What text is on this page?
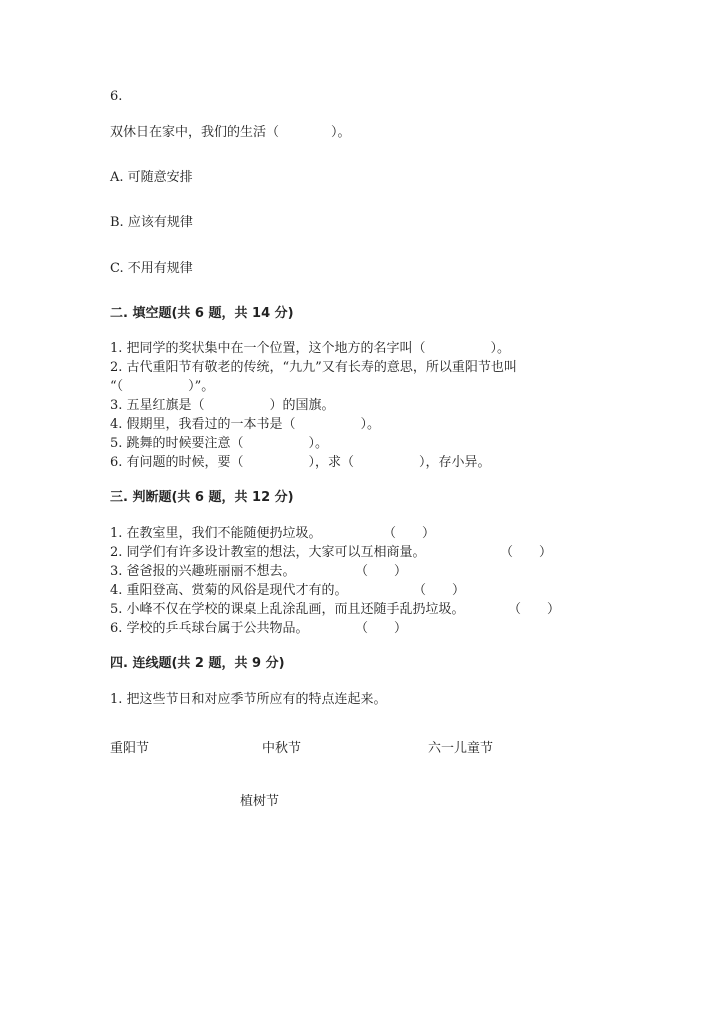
6.
双休日在家中，我们的生活（　　　　）。
A. 可随意安排
B. 应该有规律
C. 不用有规律
二. 填空题(共 6 题，共 14 分)
1. 把同学的奖状集中在一个位置，这个地方的名字叫（　　　　　）。
2. 古代重阳节有敬老的传统，“九九”又有长寿的意思，所以重阳节也叫
“（　　　　　）”。
3. 五星红旗是（　　　　　）的国旗。
4. 假期里，我看过的一本书是（　　　　　）。
5. 跳舞的时候要注意（　　　　　）。
6. 有问题的时候，要（　　　　　），求（　　　　　），存小异。
三. 判断题(共 6 题，共 12 分)
1. 在教室里，我们不能随便扔垃圾。	（　　）
2. 同学们有许多设计教室的想法，大家可以互相商量。	（　　）
3. 爸爸报的兴趣班丽丽不想去。	（　　）
4. 重阳登高、赏菊的风俗是现代才有的。	（　　）
5. 小峰不仅在学校的课桌上乱涂乱画，而且还随手乱扔垃圾。	（　　）
6. 学校的乒乓球台属于公共物品。	（　　）
四. 连线题(共 2 题，共 9 分)
1. 把这些节日和对应季节所应有的特点连起来。
重阳节	中秋节	六一儿童节
植树节
